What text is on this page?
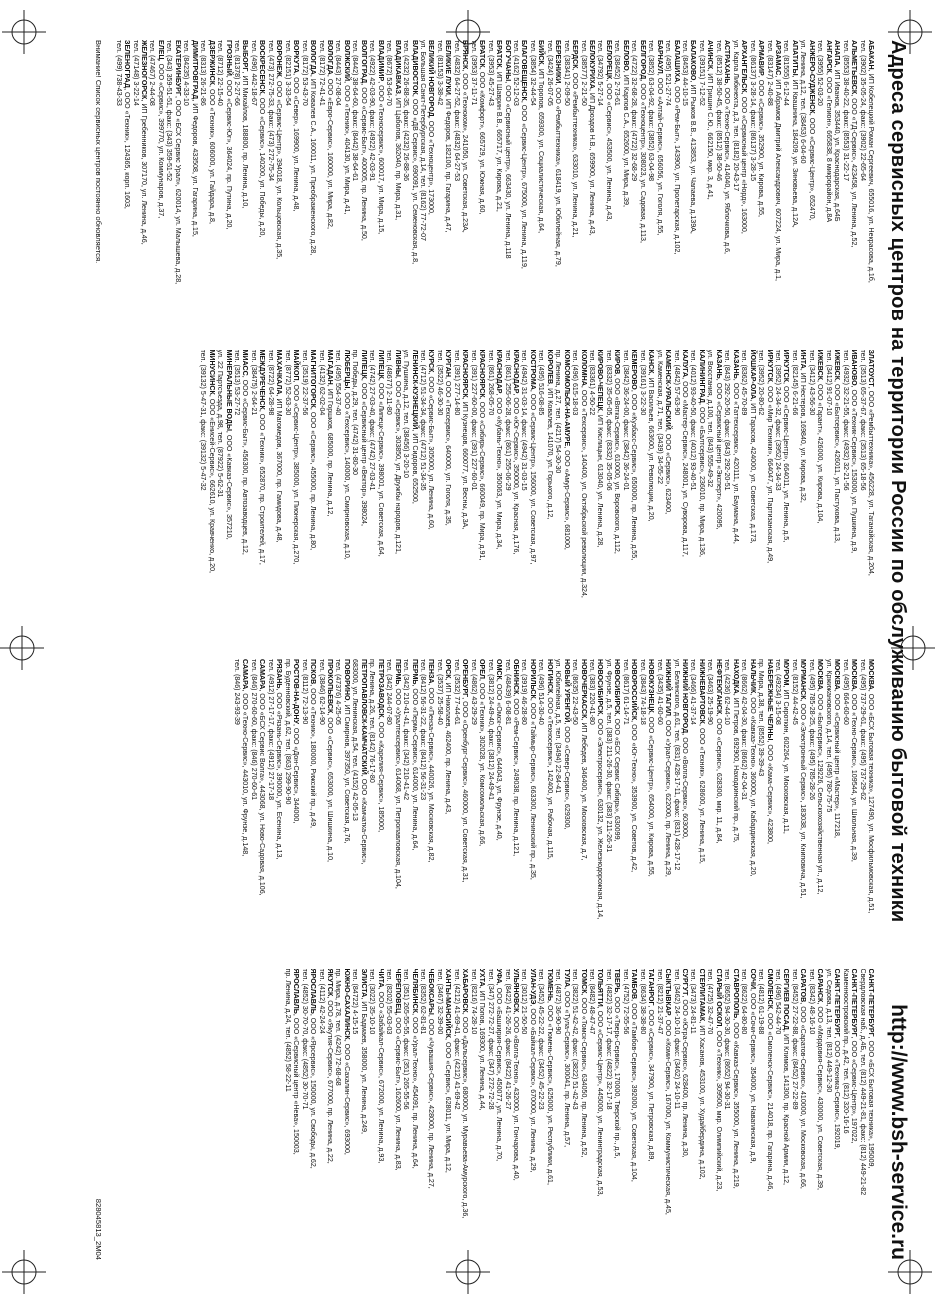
Адреса сервисных центров на территории России по обслуживанию бытовой техники
http://www.bsh-service.ru
АБАКАН, ИП Кобелецкий Роман Сергеевич, 655016, ул. Некрасова, д.1б,
тел. (3902) 35-05-24, факс: (3902) 22-65-64
АЛЬМЕТЬЕВСК, ООО «ТД-Сервис», 423458, ул. Ленина, д.52,
тел. (8553) 38-40-22, факс: (8553) 31-22-17
АНАПА, ИП Иванов, 353440, ул. Краснодарская, д.64Б
АНГАРСК, ООО «Гелион», 665838, 8 микрорайон, д.8А
тел. (3955) 52-03-20
АНЖЕРО-СУДЖЕНСК, ООО «Сервис-Центр», 652470,
ул. Ленина, д.12, тел. (38453) 6-04-60
АПАТИТЫ, ИП Квашнина, 184209, ул. Зиновьева, д.12А,
тел. (81555) 6-12-44
АРЗАМАС, ИП Абрамов Дмитрий Александрович, 607224, ул. Мира, д.1,
тел. (83147) 2-40-88
АРМАВИР, ООО «Сервис», 352900, ул. Кирова, д.55,
тел. (86137) 3-28-14, факс: (86137) 3-28-15
АРХАНГЕЛЬСК, ООО «Сервисный центр «Норд», 163000,
ул. Карла Либкнехта, д.3, тел. (8182) 20-43-17
АСТРАХАНЬ, ООО «Техно-Сервис», 414040, ул. Яблочкова, д.6,
тел. (8512) 38-50-45, факс: (8512) 38-50-46
АЧИНСК, ИП Гришин С.Ю., 662150, мкр. 3, д.41,
тел. (39151) 7-12-52
БАЛАКОВО, ИП Рыжов В.В., 413853, ул. Чапаева, д.139А,
тел. (8453) 44-10-15
БАЛАШИХА, ООО «Рем-Быт», 143900, ул. Пролетарская, д.102,
тел. (495) 521-27-74
БАРНАУЛ, ООО «Алтай-Сервис», 656056, ул. Гоголя, д.55,
тел. (3852) 63-04-92, факс: (3852) 63-04-98
БЕЛГОРОД, ООО «Техноцентр», 308023, ул. Садовая, д.113,
тел. (4722) 32-68-28, факс: (4722) 32-68-29
БЕЛОВО, ИП Карпов С.А., 652600, ул. Мира, д.39,
тел. (38452) 2-73-61
БЕЛОРЕЦК, ООО «Сервис», 453500, ул. Ленина, д.43,
тел. (34792) 5-27-14
БЕЛОКУРИХА, ИП Дроздов Н.В., 659900, ул. Ленина, д.43,
тел. (38577) 2-21-50
БЕРДСК, ООО «Рембыттехника», 633010, ул. Ленина, д.21,
тел. (38341) 2-09-50
БЕРЕЗНИКИ, ООО «Рембыттехника», 618419, ул. Юбилейная, д.79,
тел. (3424) 26-07-05
БИЙСК, ИП Торопов, 659300, ул. Социалистическая, д.64,
тел. (3854) 32-44-54
БЛАГОВЕЩЕНСК, ООО «Сервис-Центр», 675000, ул. Ленина, д.119,
тел. (4162) 52-12-03
БОГУЧАНЫ, ООО «Сервисный центр», 663430, ул. Ленина, д.118
БРАТСК, ИП Шаврин В.В., 665717, ул. Кирова, д.21,
тел. (3953) 45-27-43
БРАТСК, ООО «Комфорт», 665729, ул. Южная, д.60,
тел. (3953) 37-11-71
БРЯНСК, ООО «Техноком», 241050, ул. Советская, д.23А,
тел. (4832) 64-27-52, факс: (4832) 64-27-53
ВЕЛИКИЕ ЛУКИ, ИП Федоров, 182100, пр. Гагарина, д.47,
тел. (81153) 3-38-42
ВЕЛИКИЙ НОВГОРОД, ООО «Техноцентр», 173000,
ул. Большая Санкт-Петербургская, д.14, тел. (8162) 77-72-07
ВЛАДИВОСТОК, ООО «ДВ Сервис», 690091, ул. Семеновская, д.8,
тел. (4232) 26-88-35, факс: (4232) 26-88-36
ВЛАДИКАВКАЗ, ИП Цаболов, 362040, пр. Мира, д.31,
тел. (8672) 53-64-70
ВЛАДИМИР, ООО «Техносервис», 600017, ул. Мира, д.15,
тел. (4922) 42-03-90, факс: (4922) 42-03-91
ВОЛГОГРАД, ООО «Сервис-Быт», 400005, пр. Ленина, д.50,
тел. (8442) 38-64-60, факс: (8442) 38-64-61
ВОЛЖСКИЙ, ООО «Техник», 404130, ул. Мира, д.41,
тел. (8443) 27-08-04
ВОЛОГДА, ООО «Евро-Сервис», 160000, ул. Мира, д.82,
тел. (8172) 72-41-41
ВОЛОГДА, ИП Ковалев С.А., 160011, ул. Преображенского, д.28,
тел. (8172) 53-43-70
ВОРКУТА, ООО «Север», 169900, ул. Ленина, д.48,
тел. (82151) 3-33-54
ВОРОНЕЖ, ООО «Сервис-Центр», 394018, ул. Кольцовская, д.35,
тел. (473) 272-75-33, факс: (473) 272-75-34
ВОСКРЕСЕНСК, ООО «Сервис», 140200, ул. Победы, д.20,
тел. (496) 442-18-67
ВЫБОРГ, ИП Михайлов, 188800, пр. Ленина, д.10,
тел. (81378) 2-27-66
ГРОЗНЫЙ, ООО «Сервис-Юг», 364024, пр. Путина, д.20,
тел. (8712) 22-15-40
ДЗЕРЖИНСК, ООО «Техник», 606000, ул. Гайдара, д.8,
тел. (8313) 26-21-86
ДИМИТРОВГРАД, ИП Федоров, 433508, ул. Гагарина, д.15,
тел. (84235) 4-33-10
ЕКАТЕРИНБУРГ, ООО «БСХ Сервис Урал», 620014, ул. Малышева, д.28,
тел. (343) 359-51-51, факс: (343) 359-51-52
ЕЛЕЦ, ООО «Сервис», 399770, ул. Коммунаров, д.37,
тел. (47467) 2-44-08
ЖЕЛЕЗНОГОРСК, ИП Гребенников, 307170, ул. Ленина, д.46,
тел. (47148) 3-22-14
ЗЕЛЕНОГРАД, ООО «Техник», 124365, корп. 1603,
тел. (499) 738-43-33
ЗЛАТОУСТ, ООО «Рембыттехника», 456228, ул. Таганайская, д.204,
тел. (3513) 65-37-67, факс: (3513) 65-18-56
ИВАНОВО, ООО «Техник-Сервис», 153000, ул. Пушкина, д.9,
тел. (4932) 32-21-55, факс: (4932) 32-21-56
ИЖЕВСК, ООО «Бытсервис», 426011, ул. Пастухова, д.13,
тел. (3412) 91-07-10
ИЖЕВСК, ООО «Гарант», 426000, ул. Кирова, д.104,
тел. (3412) 43-56-30
ИНТА, ИП Нестеров, 169840, ул. Кирова, д.32,
тел. (82145) 6-21-66
ИРКУТСК, ООО «Сервис-Центр», 664011, ул. Ленина, д.5,
тел. (3952) 24-34-32, факс: (3952) 24-34-33
ИРКУТСК, ООО «Мир Техники», 664047, ул. Партизанская, д.49,
тел. (3952) 20-80-62
ЙОШКАР-ОЛА, ИП Тарасов, 424000, ул. Советская, д.173,
тел. (8362) 45-70-89
КАЗАНЬ, ООО «Таттехсервис», 420111, ул. Баумана, д.44,
тел. (843) 292-20-50, факс: (843) 292-20-51
КАЗАНЬ, ООО «Сервисный центр «Эксперт», 420095,
ул. Восстания, д.100, тел. (843) 555-49-32
КАЛИНИНГРАД, ООО «Балтсервис», 236010, пр. Мира, д.136,
тел. (4012) 93-40-50, факс: (4012) 93-40-51
КАЛУГА, ООО «Мастер-Сервис», 248001, ул. Суворова, д.117,
тел. (4842) 57-63-90
КАМЕНСК-УРАЛЬСКИЙ, ООО «Сервис», 623400,
ул. Каменская, д.71, тел. (3439) 34-55-22
КАНСК, ИП Васильев, 663600, ул. Революции, д.20,
тел. (39161) 3-22-30
КЕМЕРОВО, ООО «Кузбасс-Сервис», 650000, пр. Ленина, д.55,
тел. (3842) 36-24-00, факс: (3842) 36-24-01
КИРОВ, ООО «Вятка-Сервис», 610000, ул. Воровского, д.112,
тел. (8332) 35-05-05, факс: (8332) 35-05-06
КИРОВО-ЧЕПЕЦК, ИП Кислицын, 613040, ул. Ленина, д.28,
тел. (83361) 4-50-22
КОЛОМНА, ООО «Техсервис», 140400, ул. Октябрьской революции, д.324,
тел. (496) 615-18-03
КОМСОМОЛЬСК-НА-АМУРЕ, ООО «Амур-Сервис», 681000,
пр. Ленина, д.27, тел. (4217) 54-30-30
КОРОЛЕВ, ИП Ковалев, 141070, ул. Горького, д.12,
тел. (495) 516-08-85
КОСТРОМА, ООО «Сервис-Центр», 156000, ул. Советская, д.97,
тел. (4942) 31-03-14, факс: (4942) 31-03-15
КРАСНОДАР, ООО «Юг-Сервис», 350000, ул. Красная, д.176,
тел. (861) 255-06-28, факс: (861) 255-06-29
КРАСНОДАР, ООО «Кубань-Техно», 350063, ул. Мира, д.34,
тел. (861) 268-05-70
КРАСНОЯРСК, ООО «Сибирь-Сервис», 660049, пр. Мира, д.91,
тел. (391) 227-60-00, факс: (391) 227-60-01
КРАСНОЯРСК, ИП Кузнецов, 660077, ул. Весны, д.3А,
тел. (391) 277-14-80
КУРГАН, ООО «Техсервис», 640000, ул. Гоголя, д.35,
тел. (3522) 46-30-30
КУРСК, ООО «Сервис-Быт», 305000, ул. Ленина, д.60,
тел. (4712) 51-34-34, факс: (4712) 51-34-35
ЛЕНИНСК-КУЗНЕЦКИЙ, ИП Сидоров, 652500,
ул. Пушкина, д.12, тел. (38456) 3-20-10
ЛИВНЫ, ООО «Сервис», 303850, ул. Дружбы народов, д.121,
тел. (48677) 2-11-80
ЛИПЕЦК, ООО «Липецк-Сервис», 398001, ул. Советская, д.64,
тел. (4742) 27-03-40, факс: (4742) 27-03-41
ЛИПЕЦК, ООО «Сервисный центр «Вектор», 398024,
пр. Победы, д.29, тел. (4742) 31-80-30
ЛЮБЕРЦЫ, ООО «Техсервис», 140000, ул. Смирновская, д.10,
тел. (495) 554-37-40
МАГАДАН, ИП Горшков, 685000, пр. Ленина, д.12,
тел. (4132) 62-02-04
МАГНИТОГОРСК, ООО «Сервис», 455000, пр. Ленина, д.80,
тел. (3519) 22-37-56
МАЙКОП, ООО «Сервис-Центр», 385000, ул. Пионерская, д.270,
тел. (8772) 52-63-30
МАХАЧКАЛА, ИП Магомедов, 367000, пр. Гамидова, д.48,
тел. (8722) 64-28-98
МЕЖДУРЕЧЕНСК, ООО «Техник», 652870, пр. Строителей, д.17,
тел. (38475) 2-64-21
МИАСС, ООО «Сервис-Быт», 456300, пр. Автозаводцев, д.12,
тел. (3513) 53-27-72
МИНЕРАЛЬНЫЕ ВОДЫ, ООО «Кавказ-Сервис», 357210,
ул. 22 Партсъезда, д.98, тел. (87922) 5-62-31
МИНУСИНСК, ООО «Енисей-Сервис», 662610, ул. Кравченко, д.20,
тел. (39132) 5-47-31, факс: (39132) 5-47-32
МОСКВА, ООО «БСХ Бытовая техника», 127490, ул. Мосфильмовская, д.51,
тел. (495) 737-29-61, факс: (495) 737-29-62
МОСКВА, ООО «Техно-Сервис», 109544, ул. Школьная, д.39,
тел. (495) 664-60-60
МОСКВА, ООО «Сервисный центр «Мастер», 117218,
ул. Кржижановского, д.14, тел. (495) 780-75-75
МОСКВА, ООО «Бытсервис», 129226, Сельскохозяйственная ул., д.12,
тел. (495) 785-28-25, факс: (495) 785-28-26
МУРМАНСК, ООО «Электронный Сервис», 183038, ул. Книповича, д.51,
тел. (8152) 44-42-45
МУРОМ, ИП Сироткин, 602264, ул. Московская, д.11,
тел. (49234) 3-15-08
НАБЕРЕЖНЫЕ ЧЕЛНЫ, ООО «Кама-Сервис», 423800,
пр. Мира, д.38, тел. (8552) 39-39-43
НАЛЬЧИК, ООО «Кавказ-Техно», 360000, ул. Кабардинская, д.20,
тел. (8662) 42-04-30, факс: (8662) 42-04-31
НАХОДКА, ИП Петров, 692900, Находкинский пр., д.75,
тел. (4236) 62-44-10
НЕФТЕЮГАНСК, ООО «Сервис», 628300, мкр. 11, д.84,
тел. (3463) 25-19-90
НИЖНЕВАРТОВСК, ООО «Техник», 628600, ул. Ленина, д.15,
тел. (3466) 41-37-14
НИЖНИЙ НОВГОРОД, ООО «Волга-Сервис», 603000,
ул. Белинского, д.61, тел. (831) 428-17-11, факс: (831) 428-17-12
НИЖНИЙ ТАГИЛ, ООО «Урал-Сервис», 622000, пр. Ленина, д.29,
тел. (3435) 41-60-60
НОВОКУЗНЕЦК, ООО «Сервис-Центр», 654000, ул. Кирова, д.55,
тел. (3843) 74-18-18
НОВОРОССИЙСК, ООО «Юг-Техно», 353900, ул. Советов, д.42,
тел. (8617) 61-14-71
НОВОСИБИРСК, ООО «БСХ Сервис Сибирь», 630099,
ул. Фрунзе, д.5, тел. (383) 211-26-30, факс: (383) 211-26-31
НОВОСИБИРСК, ООО «Электросервис», 630132, ул. Железнодорожная, д.14,
тел. (383) 220-41-80
НОВОЧЕРКАССК, ИП Лебедев, 346400, ул. Московская, д.7,
тел. (8635) 22-43-50
НОВЫЙ УРЕНГОЙ, ООО «Север-Сервис», 629300,
ул. Юбилейная, д.5, тел. (3494) 22-84-41
НОГИНСК, ООО «Техносервис», 142400, ул. Рабочая, д.115,
тел. (496) 514-30-40
НОРИЛЬСК, ООО «Таймыр-Сервис», 663300, Ленинский пр., д.35,
тел. (3919) 46-28-80
ОБНИНСК, ООО «Рем-Сервис», 249038, пр. Ленина, д.121,
тел. (48439) 6-08-81
ОМСК, ООО «Омск-Сервис», 644043, ул. Фрунзе, д.40,
тел. (3812) 24-49-40, факс: (3812) 24-49-41
ОРЕЛ, ООО «Техник», 302028, ул. Комсомольская, д.66,
тел. (4862) 43-29-29
ОРЕНБУРГ, ООО «Оренбург-Сервис», 460000, ул. Советская, д.31,
тел. (3532) 77-44-61
ОРСК, ИП Николаев, 462400, пр. Ленина, д.43,
тел. (3537) 25-58-40
ПЕНЗА, ООО «Пенза-Сервис», 440026, ул. Московская, д.82,
тел. (8412) 56-31-22, факс: (8412) 56-31-23
ПЕРМЬ, ООО «Пермь-Сервис», 614000, ул. Ленина, д.64,
тел. (342) 210-41-41, факс: (342) 210-41-42
ПЕРМЬ, ООО «Уралтехсервис», 614068, ул. Петропавловская, д.104,
тел. (342) 244-07-80
ПЕТРОЗАВОДСК, ООО «Карелия-Сервис», 185000,
пр. Ленина, д.26, тел. (8142) 76-17-80
ПЕТРОПАВЛОВСК-КАМЧАТСКИЙ, ООО «Камчатка-Сервис»,
683000, ул. Ленинская, д.54, тел. (4152) 42-05-13
ПОВОРИНО, ИП Смирнов, 397350, ул. Советская, д.76,
тел. (47376) 4-25-05
ПРОКОПЬЕВСК, ООО «Сервис», 653000, ул. Шишкина, д.10,
тел. (3846) 62-14-90
ПСКОВ, ООО «Техник», 180000, Рижский пр., д.49,
тел. (8112) 72-13-90
РОСТОВ-НА-ДОНУ, ООО «Дон-Сервис», 344000,
пр. Буденновский, д.62, тел. (863) 299-90-90
РЯЗАНЬ, ООО «Рязань-Сервис», 390000, ул. Есенина, д.13,
тел. (4912) 27-17-17, факс: (4912) 27-17-18
САМАРА, ООО «БСХ Сервис Волга», 443068, ул. Ново-Садовая, д.106,
тел. (846) 270-60-60, факс: (846) 270-60-61
САМАРА, ООО «Техно-Сервис», 443010, ул. Фрунзе, д.148,
тел. (846) 243-93-39
САНКТ-ПЕТЕРБУРГ, ООО «БСХ Бытовая техника», 195009,
Свердловская наб., д.4Б, тел. (812) 449-21-81, факс: (812) 449-21-82
САНКТ-ПЕТЕРБУРГ, ООО «Сервис-Центр», 197022,
Каменноостровский пр., д.42, тел. (812) 320-16-16
САНКТ-ПЕТЕРБУРГ, ООО «Техника-Сервис», 192019,
ул. Седова, д.13, тел. (812) 449-12-30
САРАНСК, ООО «Мордовия-Сервис», 430000, ул. Советская, д.39,
тел. (8342) 48-16-10
САРАТОВ, ООО «Саратов-Сервис», 410000, ул. Московская, д.66,
тел. (8452) 27-22-88, факс: (8452) 27-22-89
СЕРГИЕВ ПОСАД, ИП Климов, 141300, пр. Красной Армии, д.12,
тел. (496) 542-44-70
СМОЛЕНСК, ООО «Смоленск-Сервис», 214018, пр. Гагарина, д.46,
тел. (4812) 61-19-88
СОЧИ, ООО «Сочи-Сервис», 354000, ул. Навагинская, д.9,
тел. (8622) 64-80-80
СТАВРОПОЛЬ, ООО «Кавказ-Сервис», 355000, ул. Ленина, д.219,
тел. (8652) 94-30-30, факс: (8652) 94-30-31
СТАРЫЙ ОСКОЛ, ООО «Техник», 309500, мкр. Олимпийский, д.23,
тел. (4725) 32-47-70
СТЕРЛИТАМАК, ИП Хасанов, 453100, ул. Худайбердина, д.102,
тел. (3473) 24-81-11
СУРГУТ, ООО «Югра-Сервис», 628400, пр. Ленина, д.30,
тел. (3462) 24-10-10, факс: (3462) 24-10-11
СЫКТЫВКАР, ООО «Коми-Сервис», 167000, ул. Коммунистическая, д.45,
тел. (8212) 21-37-47
ТАГАНРОГ, ООО «Сервис», 347900, ул. Петровская, д.89,
тел. (8634) 38-38-80
ТАМБОВ, ООО «Тамбов-Сервис», 392000, ул. Советская, д.104,
тел. (4752) 72-55-56
ТВЕРЬ, ООО «Тверь-Сервис», 170000, Тверской пр., д.5,
тел. (4822) 32-17-17, факс: (4822) 32-17-18
ТОЛЬЯТТИ, ООО «Сервис-Центр», 445000, ул. Ленинградская, д.53,
тел. (8482) 48-47-47
ТОМСК, ООО «Томск-Сервис», 634050, пр. Ленина, д.52,
тел. (3822) 51-42-42, факс: (3822) 51-42-43
ТУЛА, ООО «Тула-Сервис», 300041, пр. Ленина, д.57,
тел. (4872) 36-90-90
ТЮМЕНЬ, ООО «Тюмень-Сервис», 625000, ул. Республики, д.61,
тел. (3452) 45-22-22, факс: (3452) 45-22-23
УЛАН-УДЭ, ООО «Байкал-Сервис», 670000, ул. Ленина, д.29,
тел. (3012) 21-50-50
УЛЬЯНОВСК, ООО «Волга-Техно», 432000, ул. Гончарова, д.40,
тел. (8422) 41-26-26, факс: (8422) 41-26-27
УФА, ООО «Башкирия-Сервис», 450077, ул. Ленина, д.70,
тел. (347) 272-72-27, факс: (347) 272-72-28
УХТА, ИП Попов, 169300, ул. Ленина, д.44,
тел. (8216) 74-28-10
ХАБАРОВСК, ООО «Дальсервис», 680000, ул. Муравьева-Амурского, д.36,
тел. (4212) 41-69-41, факс: (4212) 41-69-42
ХАНТЫ-МАНСИЙСК, ООО «Сервис», 628011, ул. Мира, д.12,
тел. (3467) 32-39-00
ЧЕБОКСАРЫ, ООО «Чувашия-Сервис», 428000, пр. Ленина, д.27,
тел. (8352) 62-81-81
ЧЕЛЯБИНСК, ООО «Урал-Техно», 454091, пр. Ленина, д.64,
тел. (351) 265-55-55, факс: (351) 265-55-56
ЧЕРЕПОВЕЦ, ООО «Сервис-Быт», 162600, ул. Ленина, д.83,
тел. (8202) 55-03-03
ЧИТА, ООО «Забайкал-Сервис», 672000, ул. Ленина, д.93,
тел. (3022) 35-10-10
ЭЛИСТА, ИП Бадмаев, 358000, ул. Ленина, д.249,
тел. (84722) 4-15-15
ЮЖНО-САХАЛИНСК, ООО «Сахалин-Сервис», 693000,
пр. Мира, д.78, тел. (4242) 72-68-68
ЯКУТСК, ООО «Якутия-Сервис», 677000, пр. Ленина, д.22,
тел. (4112) 42-24-24
ЯРОСЛАВЛЬ, ООО «Ярсервис», 150000, ул. Свободы, д.62,
тел. (4852) 30-70-70, факс: (4852) 30-70-71
ЯРОСЛАВЛЬ, ООО «Сервисный центр «Нева», 150003,
пр. Ленина, д.24, тел. (4852) 58-22-11
Внимание! Список сервисных центров постоянно обновляется.
828045813_2M04
